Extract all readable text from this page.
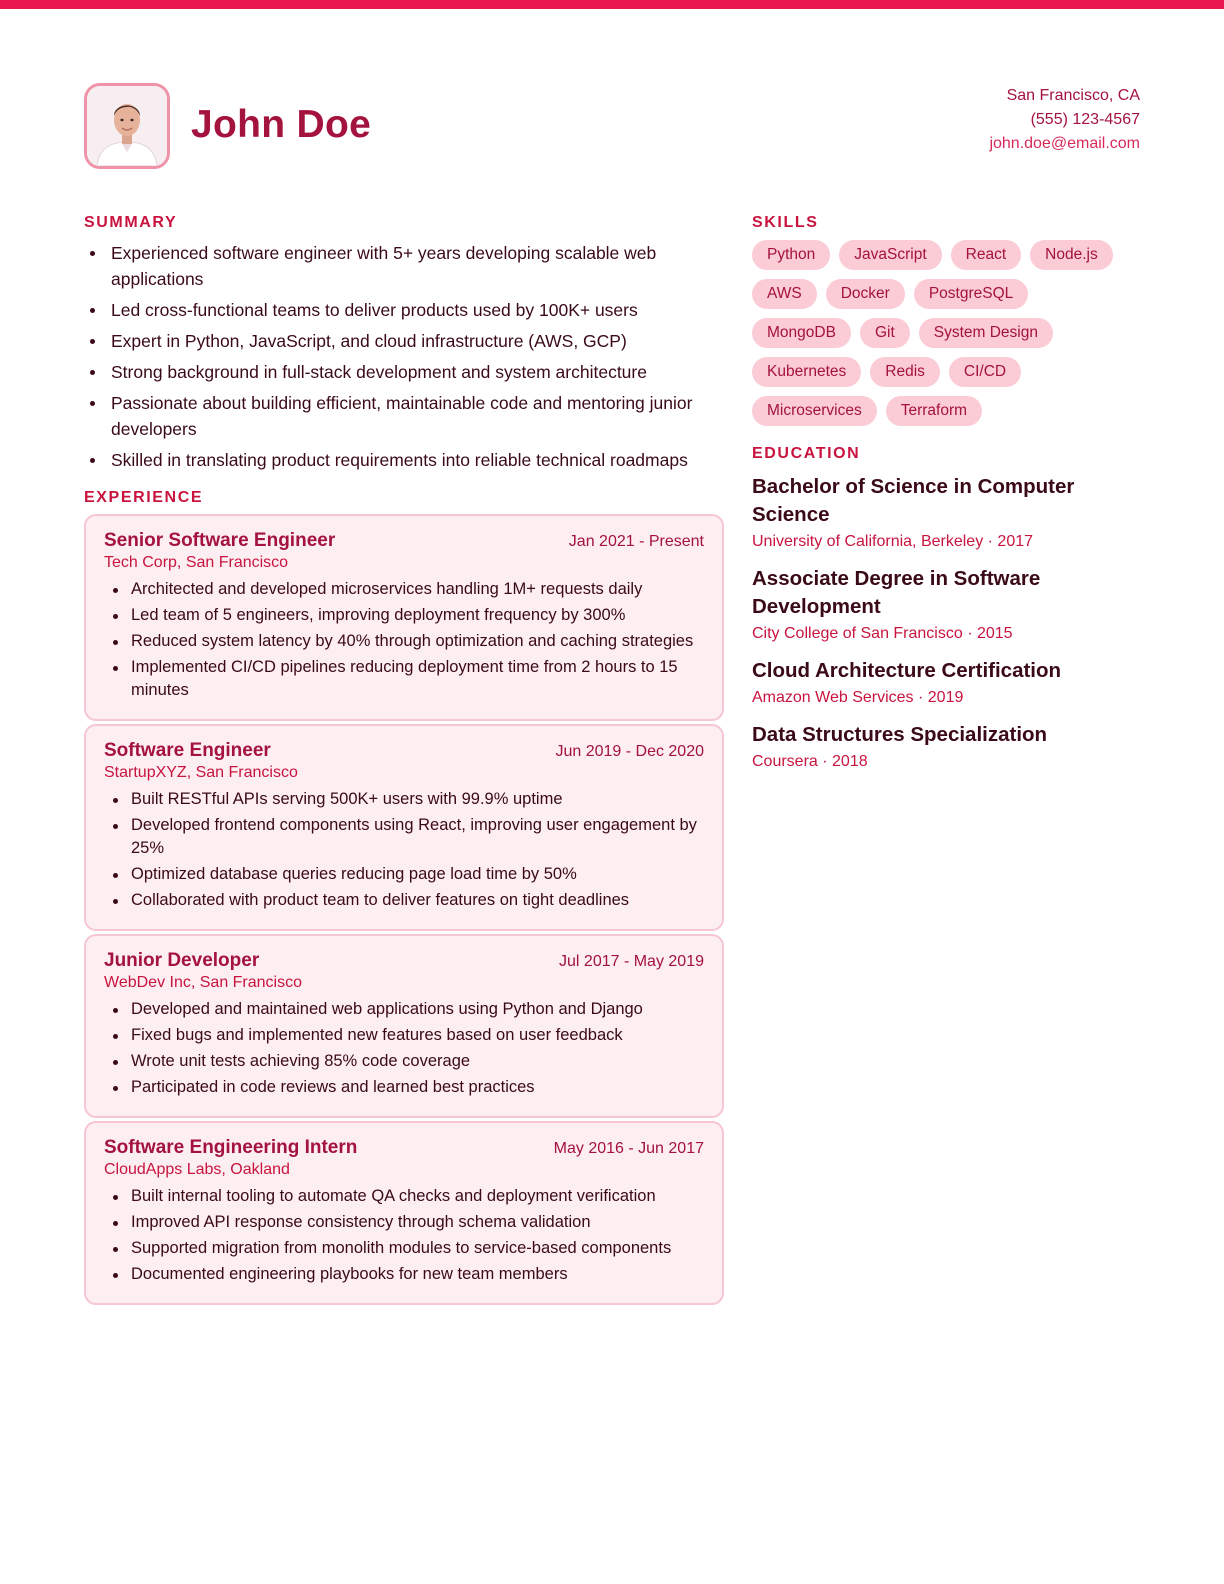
John Doe
San Francisco, CA
(555) 123-4567
john.doe@email.com
SUMMARY
Experienced software engineer with 5+ years developing scalable web applications
Led cross-functional teams to deliver products used by 100K+ users
Expert in Python, JavaScript, and cloud infrastructure (AWS, GCP)
Strong background in full-stack development and system architecture
Passionate about building efficient, maintainable code and mentoring junior developers
Skilled in translating product requirements into reliable technical roadmaps
EXPERIENCE
Senior Software Engineer	Jan 2021 - Present
Tech Corp, San Francisco
Architected and developed microservices handling 1M+ requests daily
Led team of 5 engineers, improving deployment frequency by 300%
Reduced system latency by 40% through optimization and caching strategies
Implemented CI/CD pipelines reducing deployment time from 2 hours to 15 minutes
Software Engineer	Jun 2019 - Dec 2020
StartupXYZ, San Francisco
Built RESTful APIs serving 500K+ users with 99.9% uptime
Developed frontend components using React, improving user engagement by 25%
Optimized database queries reducing page load time by 50%
Collaborated with product team to deliver features on tight deadlines
Junior Developer	Jul 2017 - May 2019
WebDev Inc, San Francisco
Developed and maintained web applications using Python and Django
Fixed bugs and implemented new features based on user feedback
Wrote unit tests achieving 85% code coverage
Participated in code reviews and learned best practices
Software Engineering Intern	May 2016 - Jun 2017
CloudApps Labs, Oakland
Built internal tooling to automate QA checks and deployment verification
Improved API response consistency through schema validation
Supported migration from monolith modules to service-based components
Documented engineering playbooks for new team members
SKILLS
Python	JavaScript	React	Node.js
AWS	Docker	PostgreSQL
MongoDB	Git	System Design
Kubernetes	Redis	CI/CD
Microservices	Terraform
EDUCATION
Bachelor of Science in Computer Science
University of California, Berkeley · 2017
Associate Degree in Software Development
City College of San Francisco · 2015
Cloud Architecture Certification
Amazon Web Services · 2019
Data Structures Specialization
Coursera · 2018
